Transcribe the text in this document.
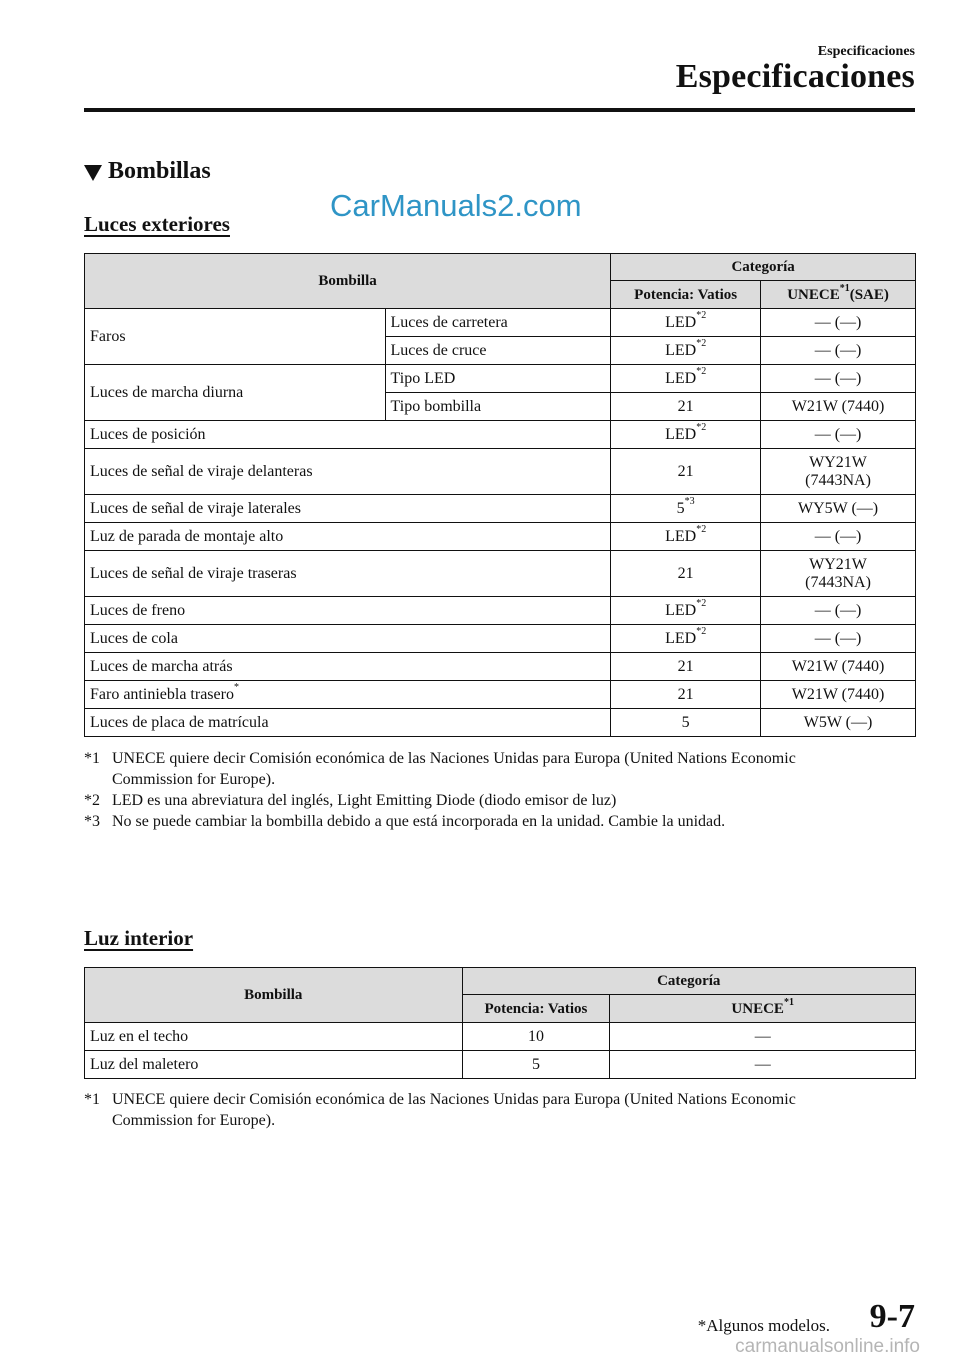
Especificaciones
Especificaciones
Bombillas
CarManuals2.com
Luces exteriores
Bombilla		Categoría	
		Potencia: Vatios	UNECE$^{*1}$(SAE)
Faros	Luces de carretera	LED$^{*2}$	— (—)
	Luces de cruce	LED$^{*2}$	— (—)
Luces de marcha diurna	Tipo LED	LED$^{*2}$	— (—)
	Tipo bombilla	21	W21W (7440)
Luces de posición		LED$^{*2}$	— (—)
Luces de señal de viraje delanteras		21	WY21W
(7443NA)

Luces de señal de viraje laterales		5$^{*3}$	WY5W (—)
Luz de parada de montaje alto		LED$^{*2}$	— (—)
Luces de señal de viraje traseras		21	WY21W
(7443NA)

Luces de freno		LED$^{*2}$	— (—)
Luces de cola		LED$^{*2}$	— (—)
Luces de marcha atrás		21	W21W (7440)
Faro antiniebla trasero*		21	W21W (7440)
Luces de placa de matrícula		5	W5W (—)
*1 UNECE quiere decir Comisión económica de las Naciones Unidas para Europa (United Nations Economic
Commission for Europe).
*2 LED es una abreviatura del inglés, Light Emitting Diode (diodo emisor de luz)
*3 No se puede cambiar la bombilla debido a que está incorporada en la unidad. Cambie la unidad.
Luz interior
Bombilla	Categoría	
	Potencia: Vatios	UNECE$^{*1}$
Luz en el techo	10	—
Luz del maletero	5	—
*1 UNECE quiere decir Comisión económica de las Naciones Unidas para Europa (United Nations Economic
Commission for Europe).
*Algunos modelos. 9-7
carmanualsonline.info
